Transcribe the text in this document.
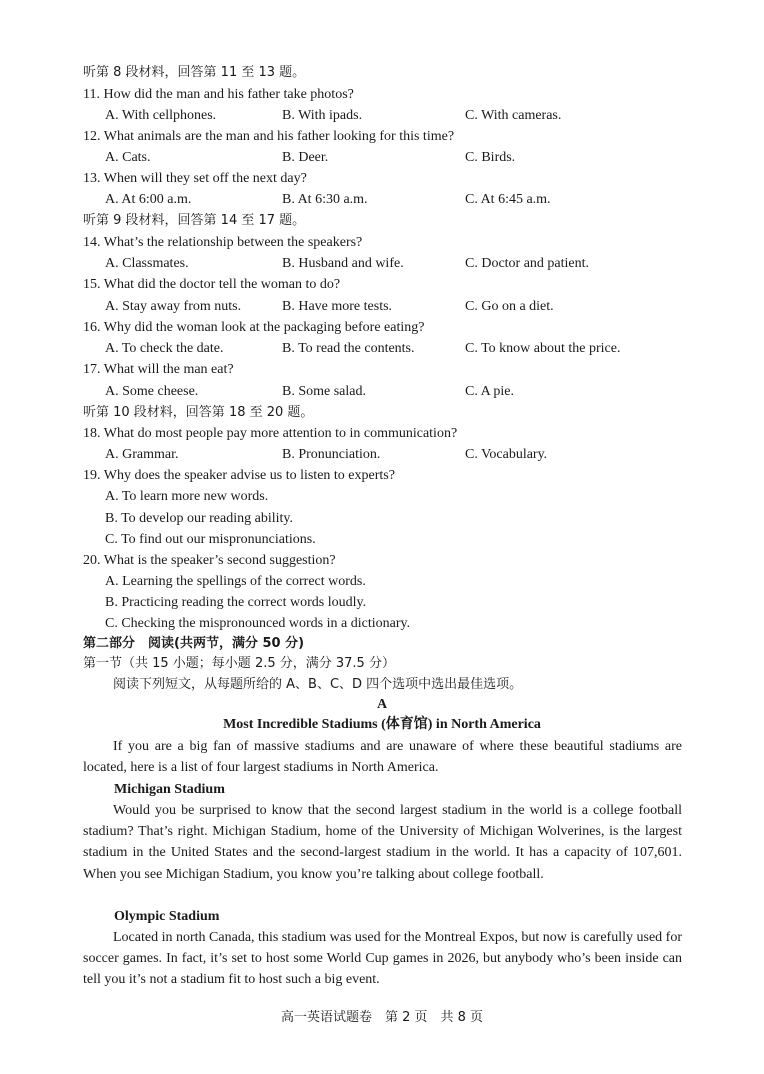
听第 8 段材料，回答第 11 至 13 题。
11. How did the man and his father take photos?
A. With cellphones.	B. With ipads.	C. With cameras.
12. What animals are the man and his father looking for this time?
A. Cats.	B. Deer.	C. Birds.
13. When will they set off the next day?
A. At 6:00 a.m.	B. At 6:30 a.m.	C. At 6:45 a.m.
听第 9 段材料，回答第 14 至 17 题。
14. What’s the relationship between the speakers?
A. Classmates.	B. Husband and wife.	C. Doctor and patient.
15. What did the doctor tell the woman to do?
A. Stay away from nuts.	B. Have more tests.	C. Go on a diet.
16. Why did the woman look at the packaging before eating?
A. To check the date.	B. To read the contents.	C. To know about the price.
17. What will the man eat?
A. Some cheese.	B. Some salad.	C. A pie.
听第 10 段材料，回答第 18 至 20 题。
18. What do most people pay more attention to in communication?
A. Grammar.	B. Pronunciation.	C. Vocabulary.
19. Why does the speaker advise us to listen to experts?
A. To learn more new words.
B. To develop our reading ability.
C. To find out our mispronunciations.
20. What is the speaker’s second suggestion?
A. Learning the spellings of the correct words.
B. Practicing reading the correct words loudly.
C. Checking the mispronounced words in a dictionary.
第二部分　阅读(共两节，满分 50 分)
第一节（共 15 小题；每小题 2.5 分，满分 37.5 分）
阅读下列短文，从每题所给的 A、B、C、D 四个选项中选出最佳选项。
A
Most Incredible Stadiums (体育馆) in North America
If you are a big fan of massive stadiums and are unaware of where these beautiful stadiums are located, here is a list of four largest stadiums in North America.
Michigan Stadium
Would you be surprised to know that the second largest stadium in the world is a college football stadium? That’s right. Michigan Stadium, home of the University of Michigan Wolverines, is the largest stadium in the United States and the second-largest stadium in the world. It has a capacity of 107,601. When you see Michigan Stadium, you know you’re talking about college football.
Olympic Stadium
Located in north Canada, this stadium was used for the Montreal Expos, but now is carefully used for soccer games. In fact, it’s set to host some World Cup games in 2026, but anybody who’s been inside can tell you it’s not a stadium fit to host such a big event.
高一英语试题卷　第 2 页　共 8 页
